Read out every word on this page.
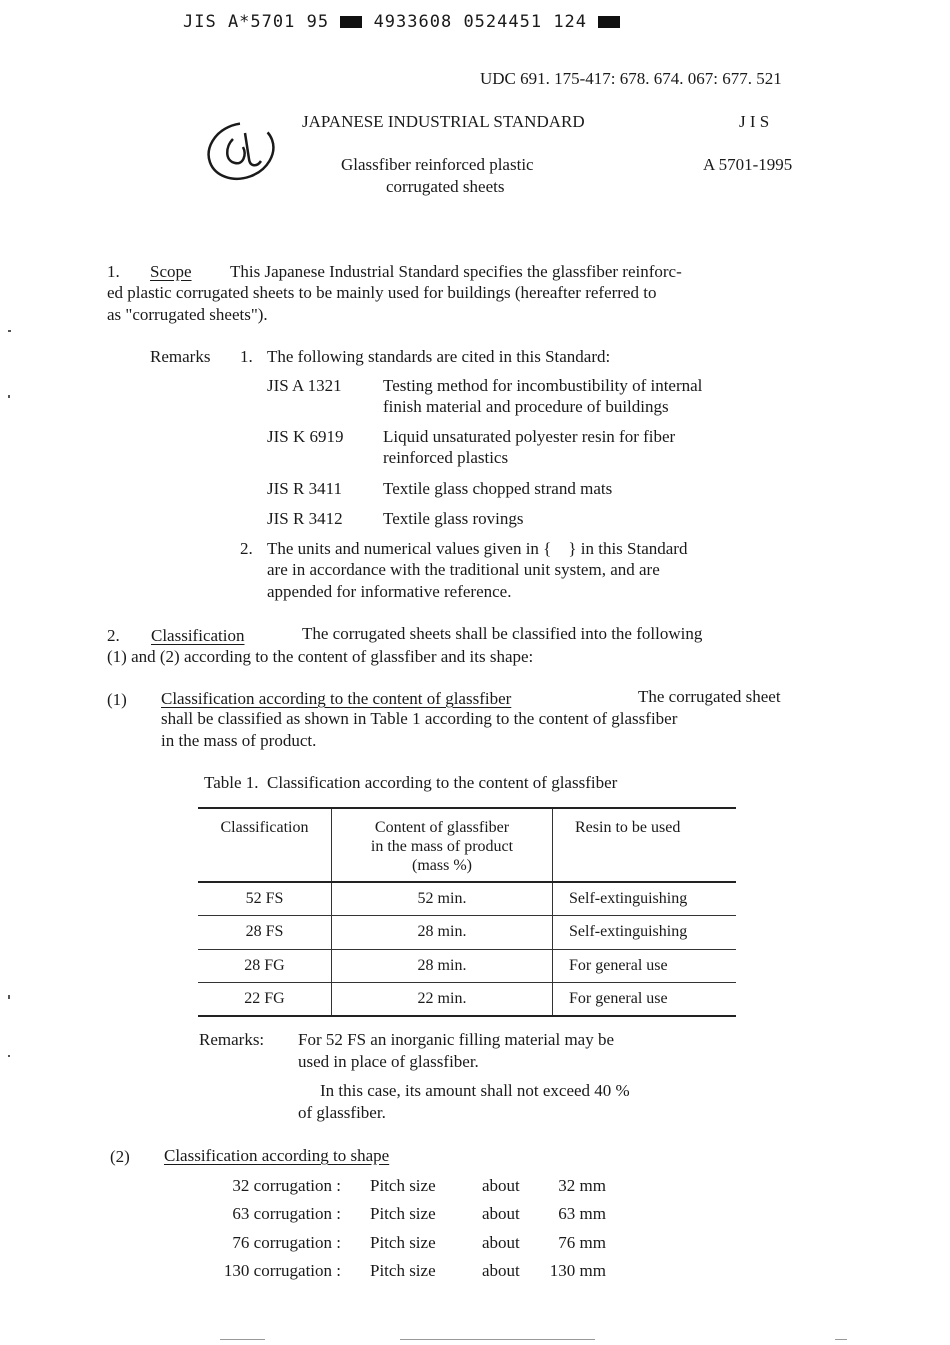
JIS A*5701 95	4933608 0524451 124
UDC 691. 175-417: 678. 674. 067: 677. 521
JAPANESE INDUSTRIAL STANDARD	J I S
Glassfiber reinforced plastic
corrugated sheets
A 5701-1995
1. Scope This Japanese Industrial Standard specifies the glassfiber reinforc-
ed plastic corrugated sheets to be mainly used for buildings (hereafter referred to
as "corrugated sheets").
Remarks 1. The following standards are cited in this Standard:
JIS A 1321 Testing method for incombustibility of internal
finish material and procedure of buildings
JIS K 6919 Liquid unsaturated polyester resin for fiber
reinforced plastics
JIS R 3411 Textile glass chopped strand mats
JIS R 3412 Textile glass rovings
2. The units and numerical values given in {    } in this Standard
are in accordance with the traditional unit system, and are
appended for informative reference.
2. Classification	The corrugated sheets shall be classified into the following
(1) and (2) according to the content of glassfiber and its shape:
(1) Classification according to the content of glassfiber	The corrugated sheet
shall be classified as shown in Table 1 according to the content of glassfiber
in the mass of product.
Table 1.  Classification according to the content of glassfiber
Classification	Content of glassfiber
in the mass of product
(mass %)	Resin to be used
52 FS	52 min.	Self-extinguishing
28 FS	28 min.	Self-extinguishing
28 FG	28 min.	For general use
22 FG	22 min.	For general use
Remarks: For 52 FS an inorganic filling material may be
used in place of glassfiber.
In this case, its amount shall not exceed 40 %
of glassfiber.
(2) Classification according to shape
32 corrugation : Pitch size	about 32 mm
63 corrugation : Pitch size	about 63 mm
76 corrugation : Pitch size	about 76 mm
130 corrugation : Pitch size	about 130 mm
